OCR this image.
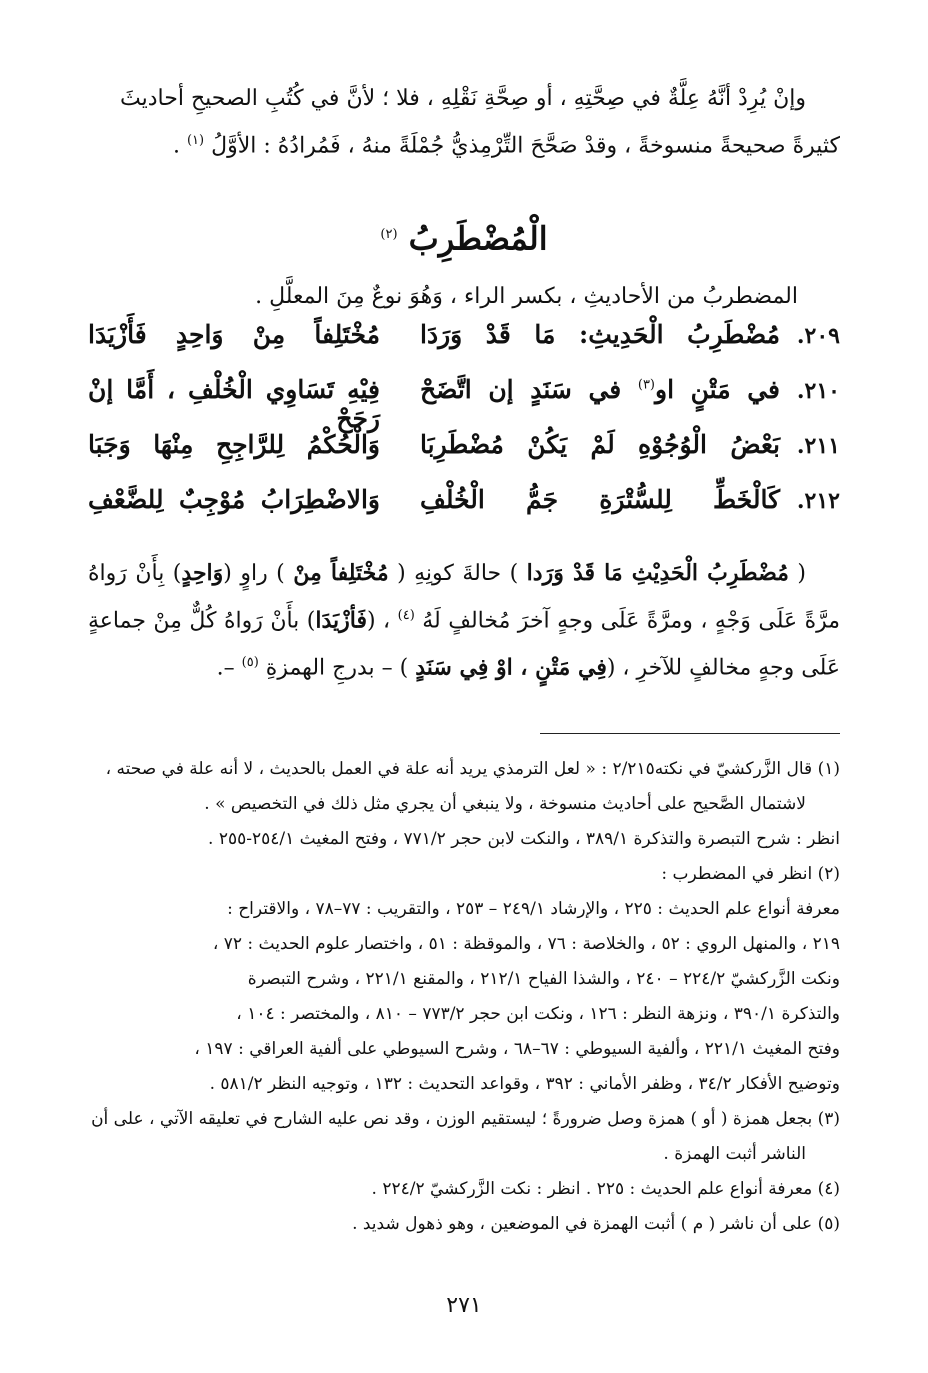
وإنْ يُرِدْ أنَّهُ عِلَّةٌ في صِحَّتِهِ ، أو صِحَّةِ نَقْلِهِ ، فلا ؛ لأنَّ في كُتُبِ الصحيحِ أحاديثَ

كثيرةً صحيحةً منسوخةً ، وقدْ صَحَّحَ التِّرْمِذيُّ جُمْلَةً منهُ ، فَمُرادُهُ : الأوَّلُ $^{(١)}$ .

الْمُضْطَرِبُ $^{(٢)}$

المضطربُ من الأحاديثِ ، بكسر الراء ، وَهُوَ نوعٌ مِنَ المعلَّلِ .

٢٠٩.
مُضْطَرِبُ الْحَدِيثِ: مَا قَدْ وَرَدَا
مُخْتَلِفاً مِنْ وَاحِدٍ فَأَزْيَدَا
٢١٠.
في مَتْنٍ او$^{(٣)}$ في سَنَدٍ إن اتَّضَحْ
فِيْهِ تَسَاوِي الْخُلْفِ ، أَمَّا إنْ رَجَحْ
٢١١.
بَعْضُ الْوُجُوْهِ لَمْ يَكُنْ مُضْطَرِبَا
وَالْحُكْمُ لِلرَّاجِحِ مِنْهَا وَجَبَا
٢١٢.
كَالْخَطِّ لِلسُّتْرَةِ جَمُّ الْخُلْفِ
وَالاضْطِرَابُ مُوْجِبٌ لِلضَّعْفِ

( مُضْطَرِبُ الْحَدِيْثِ مَا قَدْ وَرَدا ) حالةَ كونِهِ ( مُخْتَلِفاً مِنْ ) راوٍ (وَاحِدٍ) بِأَنْ رَواهُ مرَّةً عَلَى وَجْهٍ ، ومرَّةً عَلَى وجهٍ آخرَ مُخالفٍ لَهُ $^{(٤)}$ ، (فَأزْيَدَا) بأَنْ رَواهُ كُلٌّ مِنْ جماعةٍ عَلَى وجهٍ مخالفٍ للآخرِ ، (فِي مَتْنٍ ، اوْ فِي سَنَدٍ ) – بدرجِ الهمزةِ $^{(٥)}$ –.

(١) قال الزَّركشيّ في نكته٢/٢١٥ : « لعل الترمذي يريد أنه علة في العمل بالحديث ، لا أنه علة في صحته ،

لاشتمال الصَّحيح على أحاديث منسوخة ، ولا ينبغي أن يجري مثل ذلك في التخصيص » .

انظر : شرح التبصرة والتذكرة ٣٨٩/١ ، والنكت لابن حجر ٧٧١/٢ ، وفتح المغيث ٢٥٤/١-٢٥٥ .

(٢) انظر في المضطرب :

معرفة أنواع علم الحديث : ٢٢٥ ، والإرشاد ٢٤٩/١ – ٢٥٣ ، والتقريب : ٧٧–٧٨ ، والاقتراح :

٢١٩ ، والمنهل الروي : ٥٢ ، والخلاصة : ٧٦ ، والموقظة : ٥١ ، واختصار علوم الحديث : ٧٢ ،

ونكت الزَّركشيّ ٢٢٤/٢ – ٢٤٠ ، والشذا الفياح ٢١٢/١ ، والمقنع ٢٢١/١ ، وشرح التبصرة

والتذكرة ٣٩٠/١ ، ونزهة النظر : ١٢٦ ، ونكت ابن حجر ٧٧٣/٢ – ٨١٠ ، والمختصر : ١٠٤ ،

وفتح المغيث ٢٢١/١ ، وألفية السيوطي : ٦٧–٦٨ ، وشرح السيوطي على ألفية العراقي : ١٩٧ ،

وتوضيح الأفكار ٣٤/٢ ، وظفر الأماني : ٣٩٢ ، وقواعد التحديث : ١٣٢ ، وتوجيه النظر ٥٨١/٢ .

(٣) بجعل همزة ( أو ) همزة وصل ضرورةً ؛ ليستقيم الوزن ، وقد نص عليه الشارح في تعليقه الآتي ، على أن

الناشر أثبت الهمزة .

(٤) معرفة أنواع علم الحديث : ٢٢٥ . انظر : نكت الزَّركشيّ ٢٢٤/٢ .

(٥) على أن ناشر ( م ) أثبت الهمزة في الموضعين ، وهو ذهول شديد .

٢٧١
